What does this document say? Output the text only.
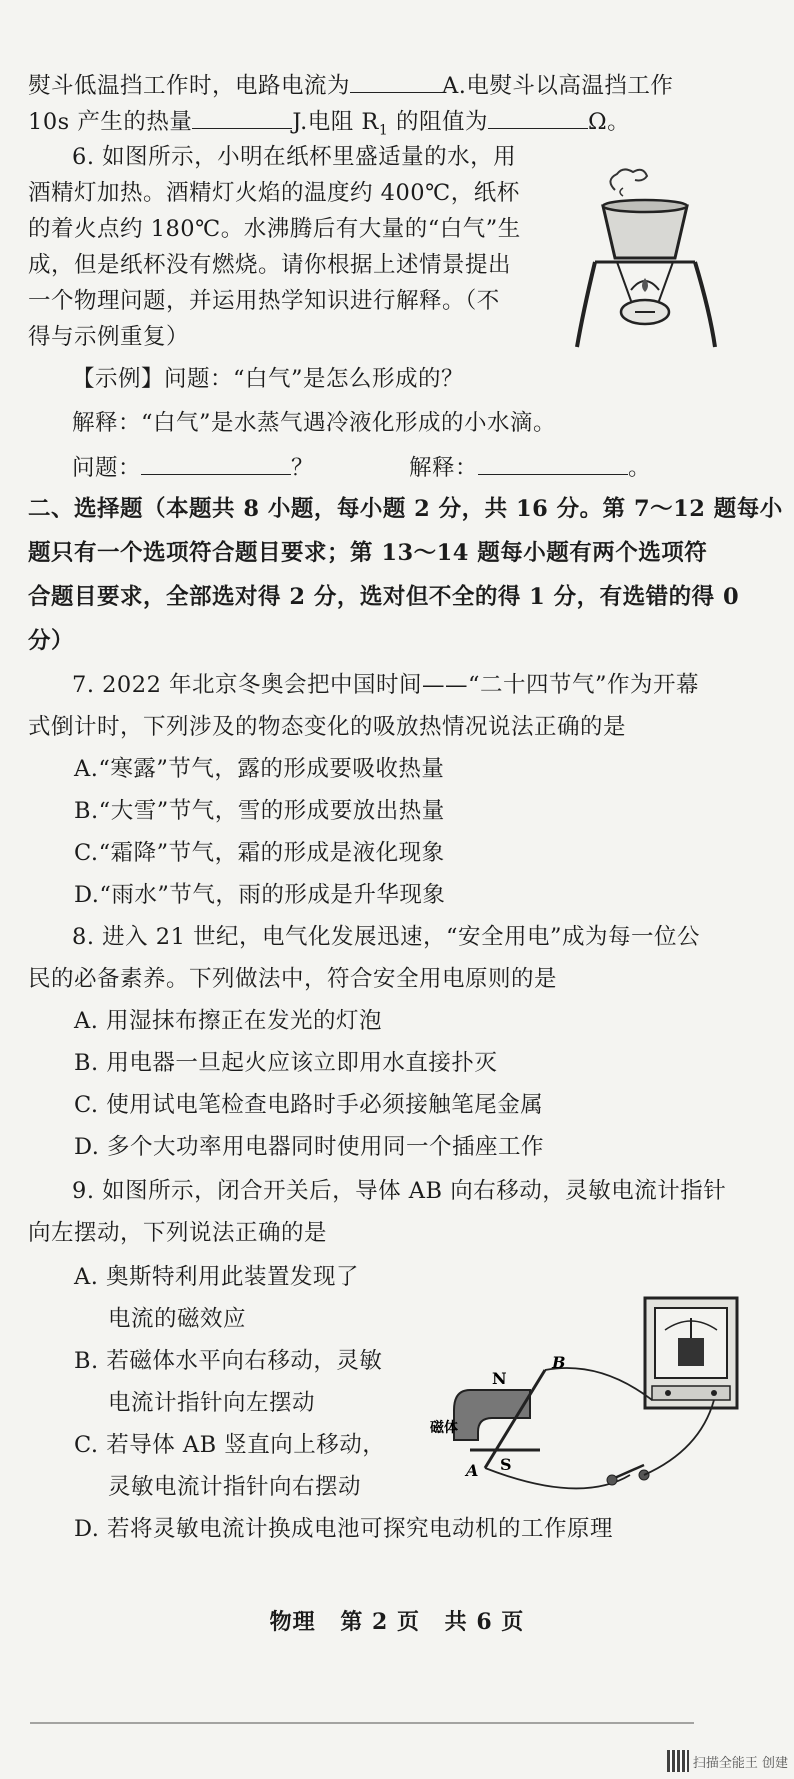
熨斗低温挡工作时，电路电流为	A.电熨斗以高温挡工作
10s 产生的热量	J.电阻 $R_1$ 的阻值为	Ω。
6. 如图所示，小明在纸杯里盛适量的水，用
酒精灯加热。酒精灯火焰的温度约 400℃，纸杯
的着火点约 180℃。水沸腾后有大量的“白气”生
成，但是纸杯没有燃烧。请你根据上述情景提出
一个物理问题，并运用热学知识进行解释。（不
得与示例重复）
【示例】问题：“白气”是怎么形成的？
解释：“白气”是水蒸气遇冷液化形成的小水滴。
问题：	？	解释：	。
二、选择题（本题共 8 小题，每小题 2 分，共 16 分。第 7～12 题每小
题只有一个选项符合题目要求；第 13～14 题每小题有两个选项符
合题目要求，全部选对得 2 分，选对但不全的得 1 分，有选错的得 0
分）
7. 2022 年北京冬奥会把中国时间——“二十四节气”作为开幕
式倒计时，下列涉及的物态变化的吸放热情况说法正确的是
A.“寒露”节气，露的形成要吸收热量
B.“大雪”节气，雪的形成要放出热量
C.“霜降”节气，霜的形成是液化现象
D.“雨水”节气，雨的形成是升华现象
8. 进入 21 世纪，电气化发展迅速，“安全用电”成为每一位公
民的必备素养。下列做法中，符合安全用电原则的是
A. 用湿抹布擦正在发光的灯泡
B. 用电器一旦起火应该立即用水直接扑灭
C. 使用试电笔检查电路时手必须接触笔尾金属
D. 多个大功率用电器同时使用同一个插座工作
9. 如图所示，闭合开关后，导体 AB 向右移动，灵敏电流计指针
向左摆动，下列说法正确的是
A. 奥斯特利用此装置发现了
电流的磁效应
B. 若磁体水平向右移动，灵敏
电流计指针向左摆动
C. 若导体 AB 竖直向上移动，
灵敏电流计指针向右摆动
D. 若将灵敏电流计换成电池可探究电动机的工作原理
磁体
N
S
A
B
物理 第 2 页 共 6 页
扫描全能王 创建
